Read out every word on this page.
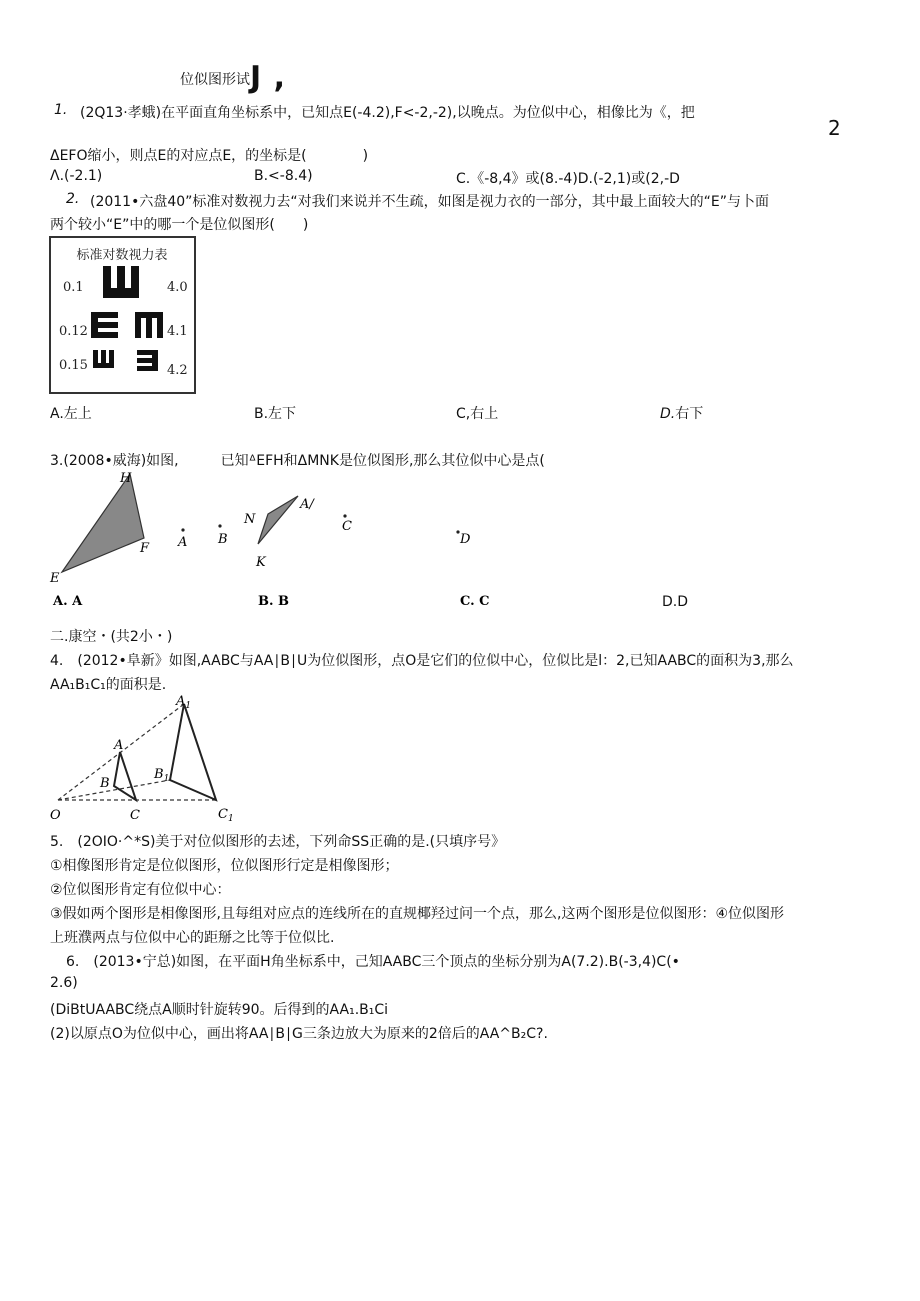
位似图形试J ,
2
1. (2Q13·孝蛾)在平面直角坐标系中，已知点E(-4.2),F<-2,-2),以晚点。为位似中心，相像比为《，把
ΔEFO缩小，则点E的对应点E，的坐标是(　　　　)
Λ.(-2.1)	B.<-8.4)	C.《-8,4》或(8.-4)D.(-2,1)或(2,-D
2. (2011•六盘40”标准对数视力去“对我们来说并不生疏，如图是视力衣的一部分，其中最上面较大的“E”与卜面
两个较小“E”中的哪一个是位似图形(　　)
标准对数视力表
0.1	4.0
0.12	4.1
0.15	4.2
A.左上	B.左下	C,右上	D.右下
3.(2008•威海)如图,　　　已知ᐞEFH和ΔMNK是位似图形,那么其位似中心是点(
H
E
F
N
K
A/
A B
C
D
A. A	B. B	C. C	D.D
二.康空・(共2小・)
4.　(2012•阜新》如图,AABC与AA∣B∣U为位似图形，点O是它们的位似中心，位似比是l：2,已知AABC的面积为3,那么
AA₁B₁C₁的面积是.
$A_1$
A
B
$B_1$
O	C	$C_1$
5.　(2OIO·^*S)美于对位似图形的去述，下列命SS正确的是.(只填序号》
①相像图形肯定是位似图形，位似图形行定是相像图形；
②位似图形肯定有位似中心：
③假如两个图形是相像图形,且每组对应点的连线所在的直规椰羟过问一个点，那么,这两个图形是位似图形：④位似图形
上班濮两点与位似中心的距掰之比等于位似比.
6.　(2013•宁总)如图，在平面H角坐标系中，己知AABC三个顶点的坐标分别为A(7.2).B(-3,4)C(•
2.6)
(DiBtUAABC绕点A顺时针旋转90。后得到的AA₁.B₁Ci
(2)以原点O为位似中心，画出将AA∣B∣G三条边放大为原来的2倍后的AA^B₂C?.
